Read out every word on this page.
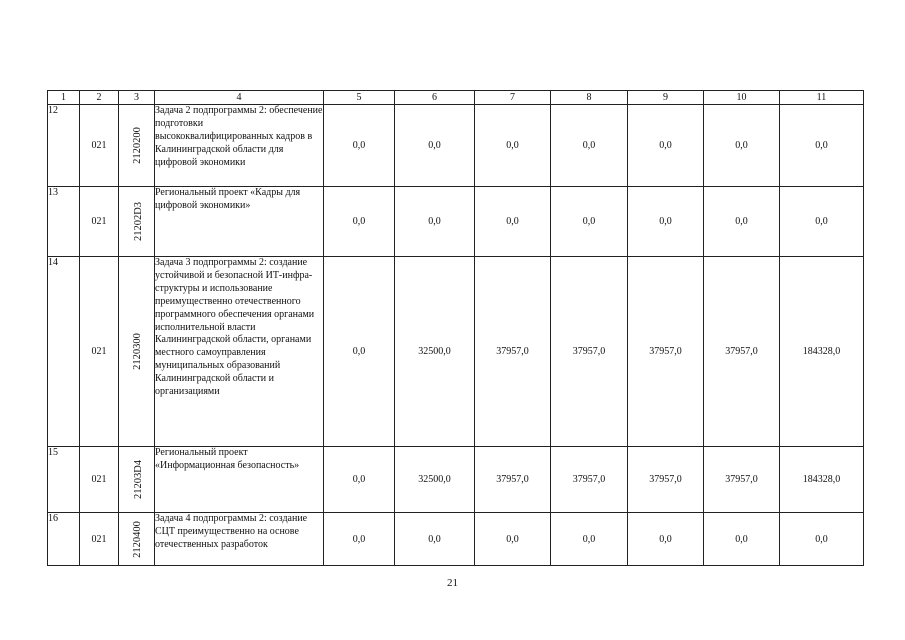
1	2	3	4	5	6	7	8	9	10	11
12	021	2120200	Задача 2 подпрограммы 2: обеспечение подготовки высококвалифицированных кадров в Калининградской области для цифровой экономики	0,0	0,0	0,0	0,0	0,0	0,0	0,0
13	021	21202D3	Региональный проект «Кадры для цифровой экономики»	0,0	0,0	0,0	0,0	0,0	0,0	0,0
14	021	2120300	Задача 3 подпрограммы 2: создание устойчивой и безопасной ИТ-инфра-структуры и использование преимущественно отечественного программного обеспечения органами исполнительной власти Калининградской области, органами местного самоуправления муниципальных образований Калининградской области и организациями	0,0	32500,0	37957,0	37957,0	37957,0	37957,0	184328,0
15	021	21203D4	Региональный проект «Информационная безопасность»	0,0	32500,0	37957,0	37957,0	37957,0	37957,0	184328,0
16	021	2120400	Задача 4 подпрограммы 2: создание СЦТ преимущественно на основе отечественных разработок	0,0	0,0	0,0	0,0	0,0	0,0	0,0
21
